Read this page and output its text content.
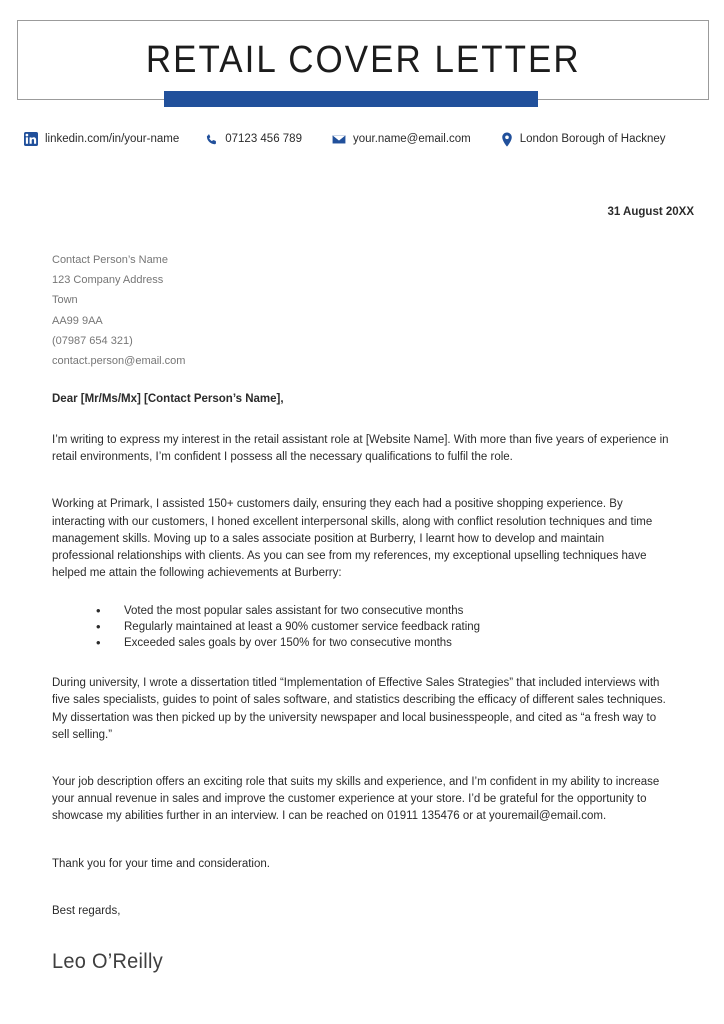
RETAIL COVER LETTER
linkedin.com/in/your-name	07123 456 789	your.name@email.com	London Borough of Hackney
31 August 20XX
Contact Person’s Name
123 Company Address
Town
AA99 9AA
(07987 654 321)
contact.person@email.com
Dear [Mr/Ms/Mx] [Contact Person’s Name],

I’m writing to express my interest in the retail assistant role at [Website Name]. With more than five years of experience in retail environments, I’m confident I possess all the necessary qualifications to fulfil the role.

Working at Primark, I assisted 150+ customers daily, ensuring they each had a positive shopping experience. By interacting with our customers, I honed excellent interpersonal skills, along with conflict resolution techniques and time management skills. Moving up to a sales associate position at Burberry, I learnt how to develop and maintain professional relationships with clients. As you can see from my references, my exceptional upselling techniques have helped me attain the following achievements at Burberry:

• Voted the most popular sales assistant for two consecutive months
• Regularly maintained at least a 90% customer service feedback rating
• Exceeded sales goals by over 150% for two consecutive months

During university, I wrote a dissertation titled “Implementation of Effective Sales Strategies” that included interviews with five sales specialists, guides to point of sales software, and statistics describing the efficacy of different sales techniques. My dissertation was then picked up by the university newspaper and local businesspeople, and cited as “a fresh way to sell selling.”

Your job description offers an exciting role that suits my skills and experience, and I’m confident in my ability to increase your annual revenue in sales and improve the customer experience at your store. I’d be grateful for the opportunity to showcase my abilities further in an interview. I can be reached on 01911 135476 or at youremail@email.com.

Thank you for your time and consideration.

Best regards,

Leo O’Reilly
